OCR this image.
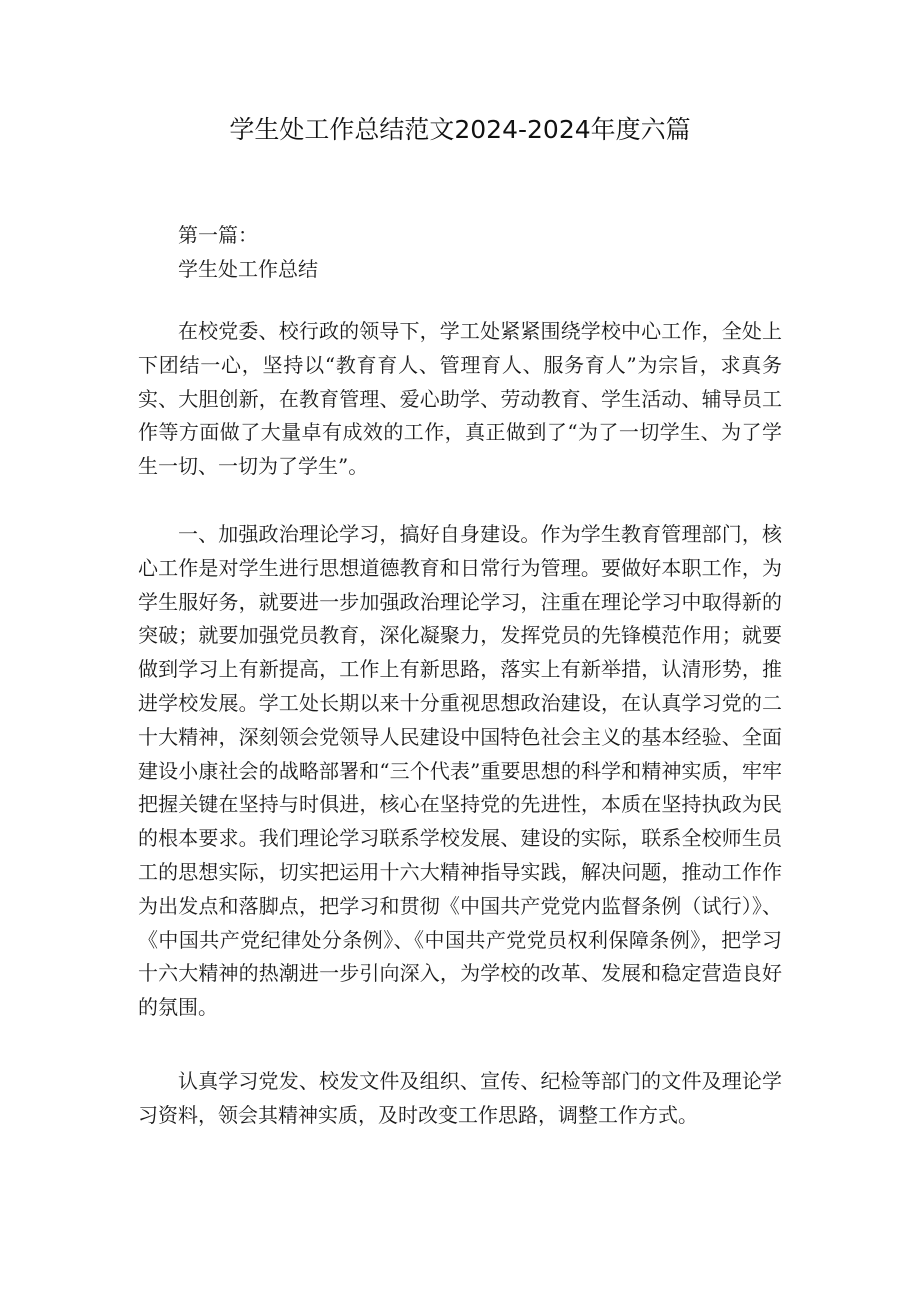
学生处工作总结范文2024-2024年度六篇

第一篇：

学生处工作总结

在校党委、校行政的领导下，学工处紧紧围绕学校中心工作，全处上下团结一心，坚持以“教育育人、管理育人、服务育人”为宗旨，求真务实、大胆创新，在教育管理、爱心助学、劳动教育、学生活动、辅导员工作等方面做了大量卓有成效的工作，真正做到了“为了一切学生、为了学生一切、一切为了学生”。

一、加强政治理论学习，搞好自身建设。作为学生教育管理部门，核心工作是对学生进行思想道德教育和日常行为管理。要做好本职工作，为学生服好务，就要进一步加强政治理论学习，注重在理论学习中取得新的突破；就要加强党员教育，深化凝聚力，发挥党员的先锋模范作用；就要做到学习上有新提高，工作上有新思路，落实上有新举措，认清形势，推进学校发展。学工处长期以来十分重视思想政治建设，在认真学习党的二十大精神，深刻领会党领导人民建设中国特色社会主义的基本经验、全面建设小康社会的战略部署和“三个代表”重要思想的科学和精神实质，牢牢把握关键在坚持与时俱进，核心在坚持党的先进性，本质在坚持执政为民的根本要求。我们理论学习联系学校发展、建设的实际，联系全校师生员工的思想实际，切实把运用十六大精神指导实践，解决问题，推动工作作为出发点和落脚点，把学习和贯彻《中国共产党党内监督条例（试行）》、《中国共产党纪律处分条例》、《中国共产党党员权利保障条例》，把学习十六大精神的热潮进一步引向深入，为学校的改革、发展和稳定营造良好的氛围。

认真学习党发、校发文件及组织、宣传、纪检等部门的文件及理论学习资料，领会其精神实质，及时改变工作思路，调整工作方式。
